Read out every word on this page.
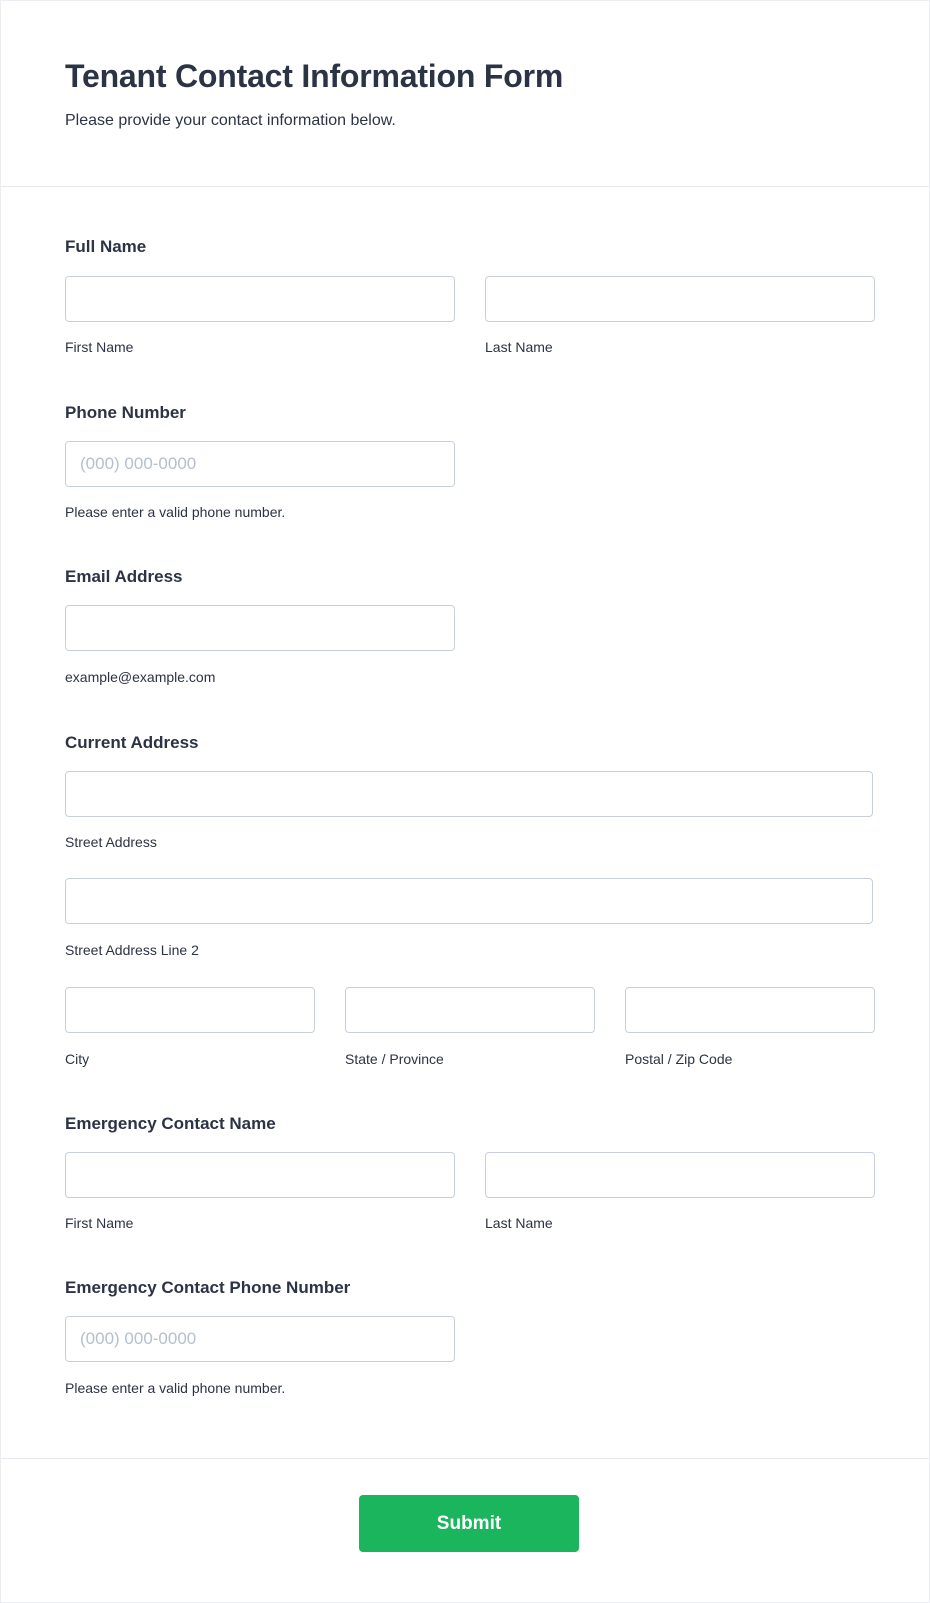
Tenant Contact Information Form
Please provide your contact information below.
Full Name
First Name	Last Name
Phone Number
(000) 000-0000
Please enter a valid phone number.
Email Address
example@example.com
Current Address
Street Address
Street Address Line 2
City	State / Province	Postal / Zip Code
Emergency Contact Name
First Name	Last Name
Emergency Contact Phone Number
(000) 000-0000
Please enter a valid phone number.
Submit
